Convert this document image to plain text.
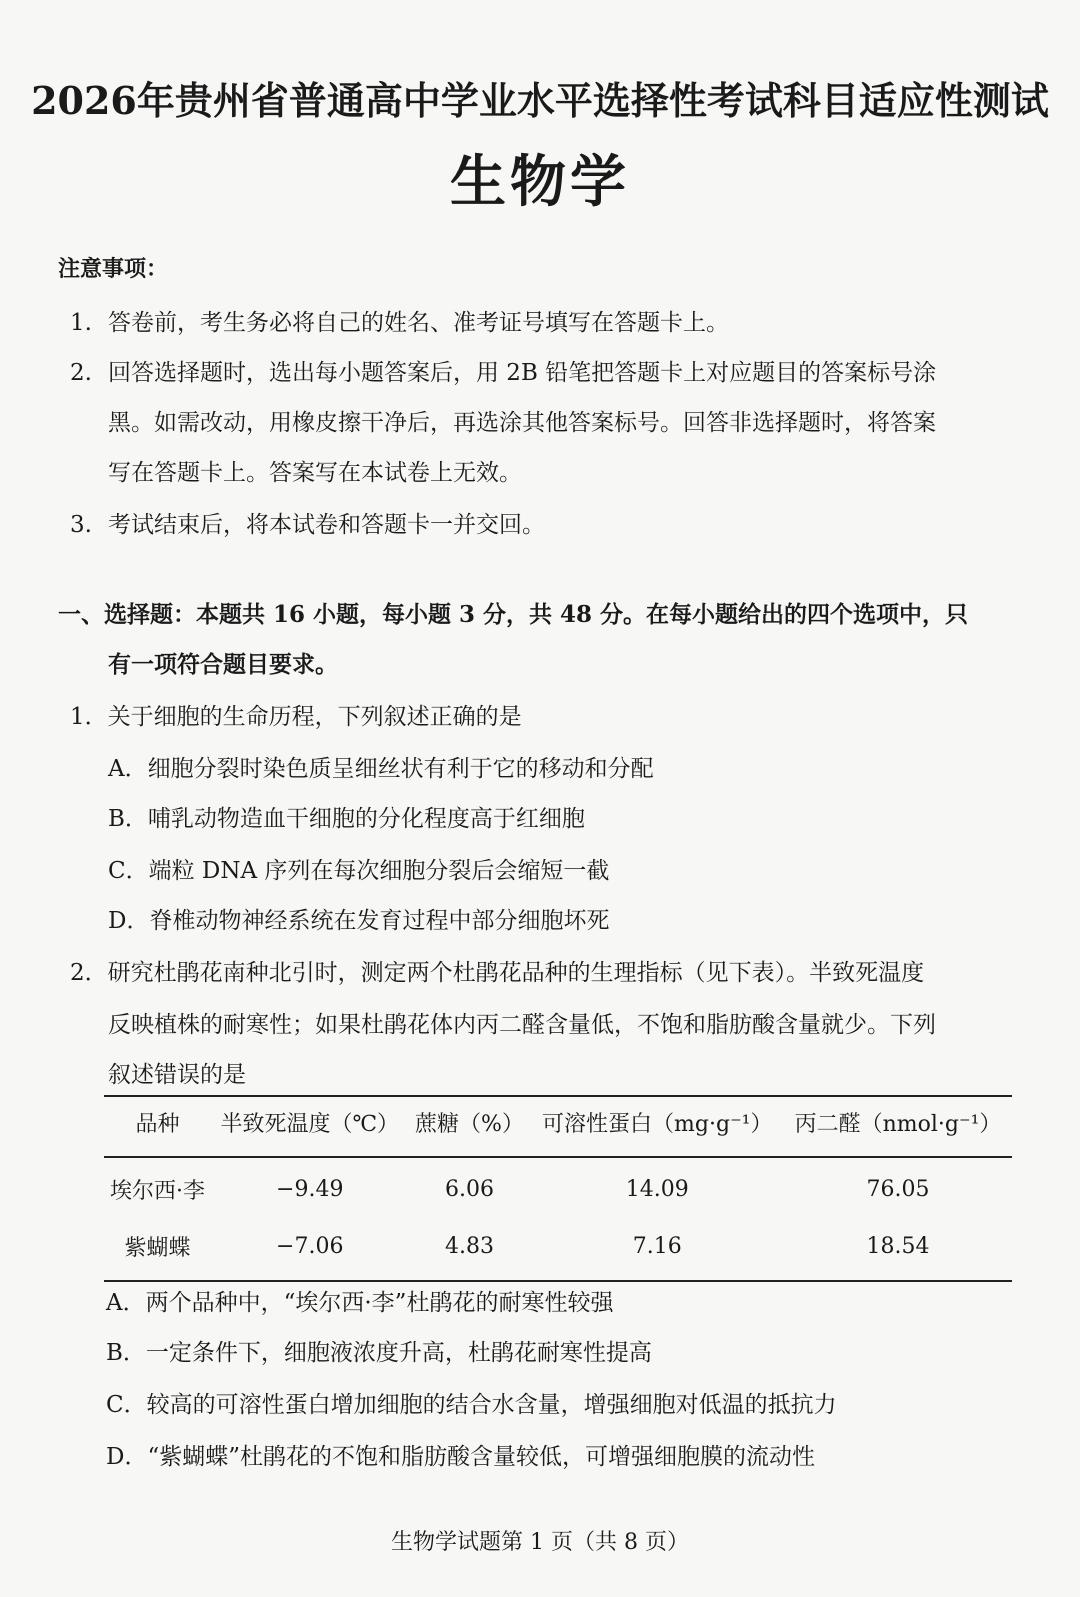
2026年贵州省普通高中学业水平选择性考试科目适应性测试
生物学
注意事项：
1. 答卷前，考生务必将自己的姓名、准考证号填写在答题卡上。
2. 回答选择题时，选出每小题答案后，用 2B 铅笔把答题卡上对应题目的答案标号涂
黑。如需改动，用橡皮擦干净后，再选涂其他答案标号。回答非选择题时，将答案
写在答题卡上。答案写在本试卷上无效。
3. 考试结束后，将本试卷和答题卡一并交回。
一、选择题：本题共 16 小题，每小题 3 分，共 48 分。在每小题给出的四个选项中，只
有一项符合题目要求。
1．关于细胞的生命历程，下列叙述正确的是
A．细胞分裂时染色质呈细丝状有利于它的移动和分配
B．哺乳动物造血干细胞的分化程度高于红细胞
C．端粒 DNA 序列在每次细胞分裂后会缩短一截
D．脊椎动物神经系统在发育过程中部分细胞坏死
2．研究杜鹃花南种北引时，测定两个杜鹃花品种的生理指标（见下表）。半致死温度
反映植株的耐寒性；如果杜鹃花体内丙二醛含量低，不饱和脂肪酸含量就少。下列
叙述错误的是
品种	半致死温度（℃）	蔗糖（%）	可溶性蛋白（mg·g⁻¹）	丙二醛（nmol·g⁻¹）
埃尔西·李	−9.49	6.06	14.09	76.05
紫蝴蝶	−7.06	4.83	7.16	18.54
A．两个品种中，“埃尔西·李”杜鹃花的耐寒性较强
B．一定条件下，细胞液浓度升高，杜鹃花耐寒性提高
C．较高的可溶性蛋白增加细胞的结合水含量，增强细胞对低温的抵抗力
D．“紫蝴蝶”杜鹃花的不饱和脂肪酸含量较低，可增强细胞膜的流动性
生物学试题第 1 页（共 8 页）
